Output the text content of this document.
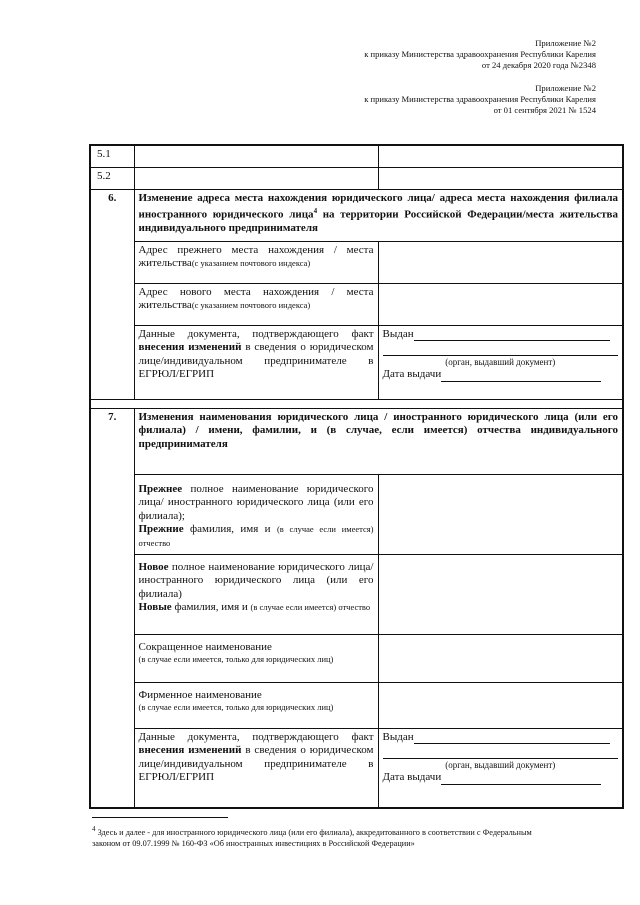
Приложение №2
к приказу Министерства здравоохранения Республики Карелия
от 24 декабря 2020 года №2348
Приложение №2
к приказу Министерства здравоохранения Республики Карелия
от 01 сентября 2021 № 1524
5.1		
5.2		
6.	Изменение адреса места нахождения юридического лица/ адреса места нахождения филиала иностранного юридического лица$^4$ на территории Российской Федерации/места жительства индивидуального предпринимателя	
	Адрес прежнего места нахождения / места жительства(с указанием почтового индекса)	
	Адрес нового места нахождения / места жительства(с указанием почтового индекса)	
	Данные документа, подтверждающего факт внесения изменений в сведения о юридическом лице/индивидуальном предпринимателе в ЕГРЮЛ/ЕГРИП	Выдан
(орган, выдавший документ)
Дата выдачи

7.	Изменения наименования юридического лица / иностранного юридического лица (или его филиала) / имени, фамилии, и (в случае, если имеется) отчества индивидуального предпринимателя	
	Прежнее полное наименование юридического лица/ иностранного юридического лица (или его филиала);
Прежние фамилия, имя и (в случае если имеется) отчество	
	Новое полное наименование юридического лица/ иностранного юридического лица (или его филиала)
Новые фамилия, имя и (в случае если имеется) отчество	

	Сокращенное наименование
(в случае если имеется, только для юридических лиц)	

	Фирменное наименование
(в случае если имеется, только для юридических лиц)	

	Данные документа, подтверждающего факт внесения изменений в сведения о юридическом лице/индивидуальном предпринимателе в ЕГРЮЛ/ЕГРИП	Выдан
(орган, выдавший документ)
Дата выдачи
$^4$ Здесь и далее - для иностранного юридического лица (или его филиала), аккредитованного в соответствии с Федеральным законом от 09.07.1999 № 160-ФЗ «Об иностранных инвестициях в Российской Федерации»
